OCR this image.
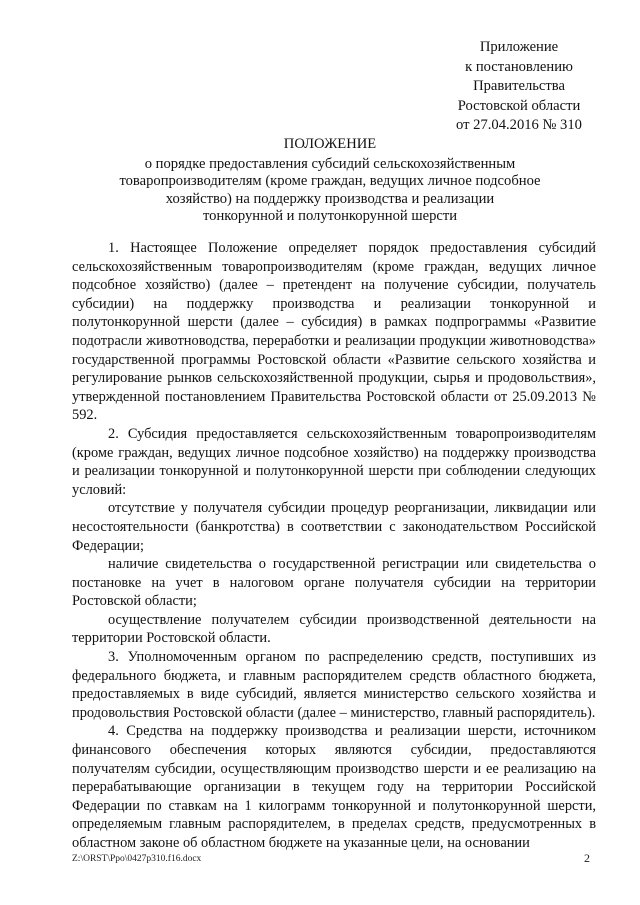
Приложение
к постановлению
Правительства
Ростовской области
от 27.04.2016 № 310
ПОЛОЖЕНИЕ
о порядке предоставления субсидий сельскохозяйственным
товаропроизводителям (кроме граждан, ведущих личное подсобное
хозяйство) на поддержку производства и реализации
тонкорунной и полутонкорунной шерсти

1. Настоящее Положение определяет порядок предоставления субсидий сельскохозяйственным товаропроизводителям (кроме граждан, ведущих личное подсобное хозяйство) (далее – претендент на получение субсидии, получатель субсидии) на поддержку производства и реализации тонкорунной и полутонкорунной шерсти (далее – субсидия) в рамках подпрограммы «Развитие подотрасли животноводства, переработки и реализации продукции животноводства» государственной программы Ростовской области «Развитие сельского хозяйства и регулирование рынков сельскохозяйственной продукции, сырья и продовольствия», утвержденной постановлением Правительства Ростовской области от 25.09.2013 № 592.

2. Субсидия предоставляется сельскохозяйственным товаропроизводителям (кроме граждан, ведущих личное подсобное хозяйство) на поддержку производства и реализации тонкорунной и полутонкорунной шерсти при соблюдении следующих условий:

отсутствие у получателя субсидии процедур реорганизации, ликвидации или несостоятельности (банкротства) в соответствии с законодательством Российской Федерации;

наличие свидетельства о государственной регистрации или свидетельства о постановке на учет в налоговом органе получателя субсидии на территории Ростовской области;

осуществление получателем субсидии производственной деятельности на территории Ростовской области.

3. Уполномоченным органом по распределению средств, поступивших из федерального бюджета, и главным распорядителем средств областного бюджета, предоставляемых в виде субсидий, является министерство сельского хозяйства и продовольствия Ростовской области (далее – министерство, главный распорядитель).

4. Средства на поддержку производства и реализации шерсти, источником финансового обеспечения которых являются субсидии, предоставляются получателям субсидии, осуществляющим производство шерсти и ее реализацию на перерабатывающие организации в текущем году на территории Российской Федерации по ставкам на 1 килограмм тонкорунной и полутонкорунной шерсти, определяемым главным распорядителем, в пределах средств, предусмотренных в областном законе об областном бюджете на указанные цели, на основании

Z:\ORST\Ppo\0427p310.f16.docx	2
